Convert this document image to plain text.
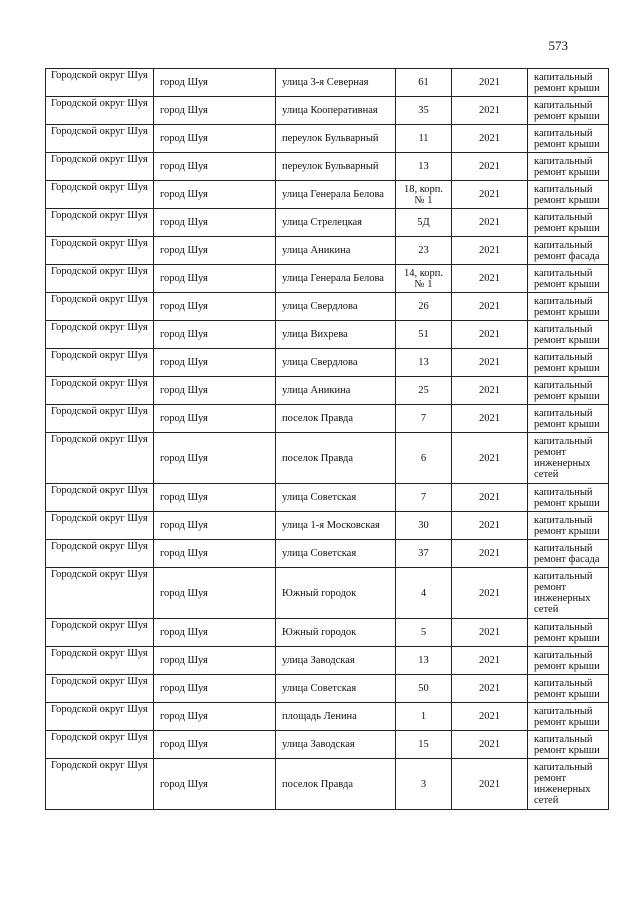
573
Городской округ Шуя	город Шуя	улица 3-я Северная	61	2021	капитальный ремонт крыши
Городской округ Шуя	город Шуя	улица Кооперативная	35	2021	капитальный ремонт крыши
Городской округ Шуя	город Шуя	переулок Бульварный	11	2021	капитальный ремонт крыши
Городской округ Шуя	город Шуя	переулок Бульварный	13	2021	капитальный ремонт крыши
Городской округ Шуя	город Шуя	улица Генерала Белова	18, корп. № 1	2021	капитальный ремонт крыши
Городской округ Шуя	город Шуя	улица Стрелецкая	5Д	2021	капитальный ремонт крыши
Городской округ Шуя	город Шуя	улица Аникина	23	2021	капитальный ремонт фасада
Городской округ Шуя	город Шуя	улица Генерала Белова	14, корп. № 1	2021	капитальный ремонт крыши
Городской округ Шуя	город Шуя	улица Свердлова	26	2021	капитальный ремонт крыши
Городской округ Шуя	город Шуя	улица Вихрева	51	2021	капитальный ремонт крыши
Городской округ Шуя	город Шуя	улица Свердлова	13	2021	капитальный ремонт крыши
Городской округ Шуя	город Шуя	улица Аникина	25	2021	капитальный ремонт крыши
Городской округ Шуя	город Шуя	поселок Правда	7	2021	капитальный ремонт крыши
Городской округ Шуя	город Шуя	поселок Правда	6	2021	капитальный ремонт инженерных сетей
Городской округ Шуя	город Шуя	улица Советская	7	2021	капитальный ремонт крыши
Городской округ Шуя	город Шуя	улица 1-я Московская	30	2021	капитальный ремонт крыши
Городской округ Шуя	город Шуя	улица Советская	37	2021	капитальный ремонт фасада
Городской округ Шуя	город Шуя	Южный городок	4	2021	капитальный ремонт инженерных сетей
Городской округ Шуя	город Шуя	Южный городок	5	2021	капитальный ремонт крыши
Городской округ Шуя	город Шуя	улица Заводская	13	2021	капитальный ремонт крыши
Городской округ Шуя	город Шуя	улица Советская	50	2021	капитальный ремонт крыши
Городской округ Шуя	город Шуя	площадь Ленина	1	2021	капитальный ремонт крыши
Городской округ Шуя	город Шуя	улица Заводская	15	2021	капитальный ремонт крыши
Городской округ Шуя	город Шуя	поселок Правда	3	2021	капитальный ремонт инженерных сетей
